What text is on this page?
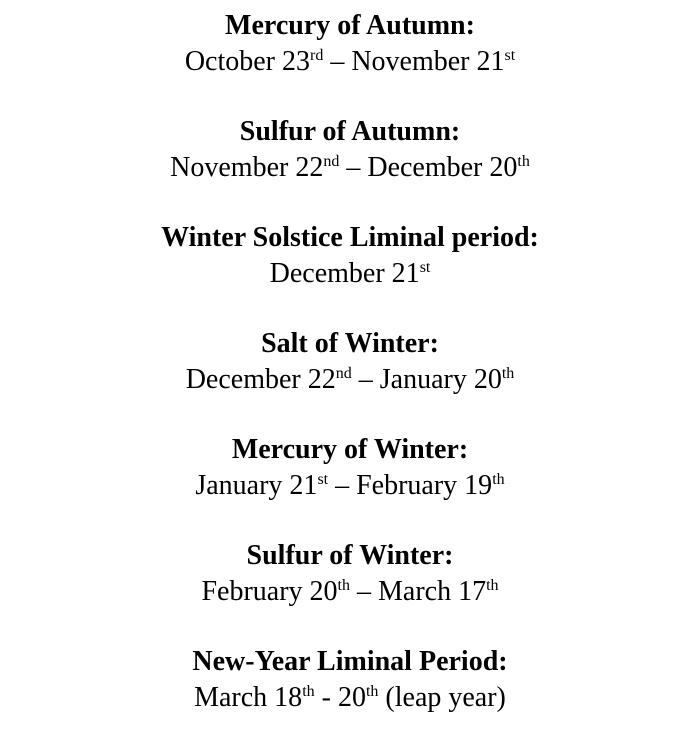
Mercury of Autumn:
October 23rd – November 21st
Sulfur of Autumn:
November 22nd – December 20th
Winter Solstice Liminal period:
December 21st
Salt of Winter:
December 22nd – January 20th
Mercury of Winter:
January 21st – February 19th
Sulfur of Winter:
February 20th – March 17th
New-Year Liminal Period:
March 18th - 20th (leap year)
